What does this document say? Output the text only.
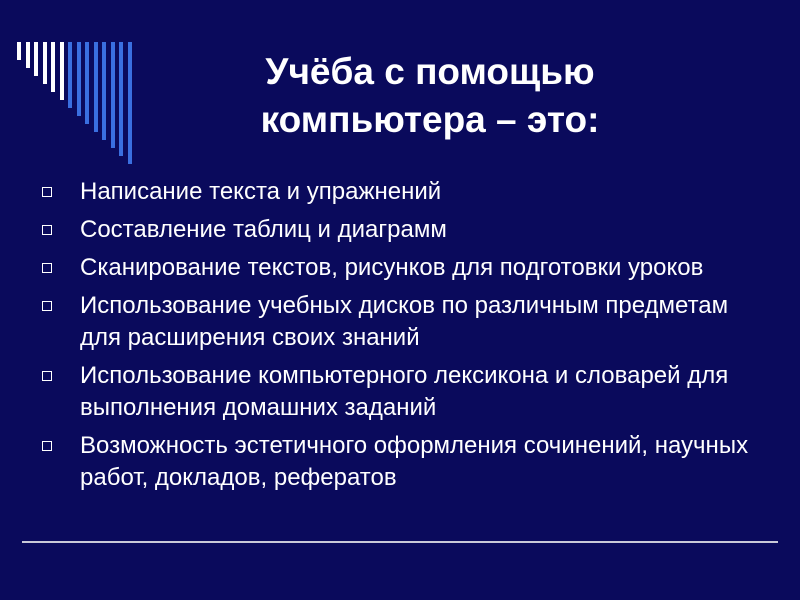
Учёба с помощью
компьютера – это:
Написание текста и упражнений
Составление таблиц и диаграмм
Сканирование текстов, рисунков для подготовки уроков
Использование учебных дисков по различным предметам для расширения своих знаний
Использование компьютерного лексикона и словарей для выполнения домашних заданий
Возможность эстетичного оформления сочинений, научных работ, докладов, рефератов
